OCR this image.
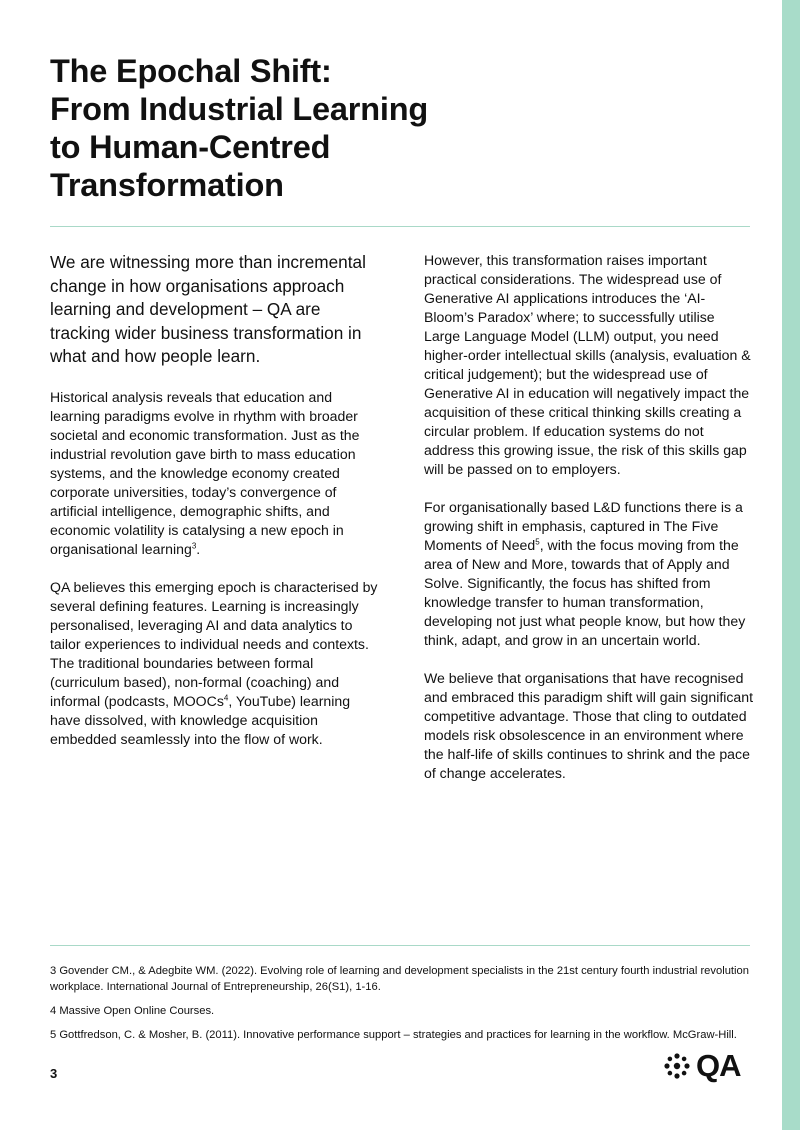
The Epochal Shift:
From Industrial Learning
to Human-Centred
Transformation

We are witnessing more than incremental change in how organisations approach learning and development – QA are tracking wider business transformation in what and how people learn.

Historical analysis reveals that education and learning paradigms evolve in rhythm with broader societal and economic transformation. Just as the industrial revolution gave birth to mass education systems, and the knowledge economy created corporate universities, today’s convergence of artificial intelligence, demographic shifts, and economic volatility is catalysing a new epoch in organisational learning$^3$.

QA believes this emerging epoch is characterised by several defining features. Learning is increasingly personalised, leveraging AI and data analytics to tailor experiences to individual needs and contexts. The traditional boundaries between formal (curriculum based), non-formal (coaching) and informal (podcasts, MOOCs$^4$, YouTube) learning have dissolved, with knowledge acquisition embedded seamlessly into the flow of work.

However, this transformation raises important practical considerations. The widespread use of Generative AI applications introduces the ‘AI-Bloom’s Paradox’ where; to successfully utilise Large Language Model (LLM) output, you need higher-order intellectual skills (analysis, evaluation & critical judgement); but the widespread use of Generative AI in education will negatively impact the acquisition of these critical thinking skills creating a circular problem. If education systems do not address this growing issue, the risk of this skills gap will be passed on to employers.

For organisationally based L&D functions there is a growing shift in emphasis, captured in The Five Moments of Need$^5$, with the focus moving from the area of New and More, towards that of Apply and Solve. Significantly, the focus has shifted from knowledge transfer to human transformation, developing not just what people know, but how they think, adapt, and grow in an uncertain world.

We believe that organisations that have recognised and embraced this paradigm shift will gain significant competitive advantage. Those that cling to outdated models risk obsolescence in an environment where the half-life of skills continues to shrink and the pace of change accelerates.

3 Govender CM., & Adegbite WM. (2022). Evolving role of learning and development specialists in the 21st century fourth industrial revolution workplace. International Journal of Entrepreneurship, 26(S1), 1-16.

4 Massive Open Online Courses.

5 Gottfredson, C. & Mosher, B. (2011). Innovative performance support – strategies and practices for learning in the workflow. McGraw-Hill.

3	QA
